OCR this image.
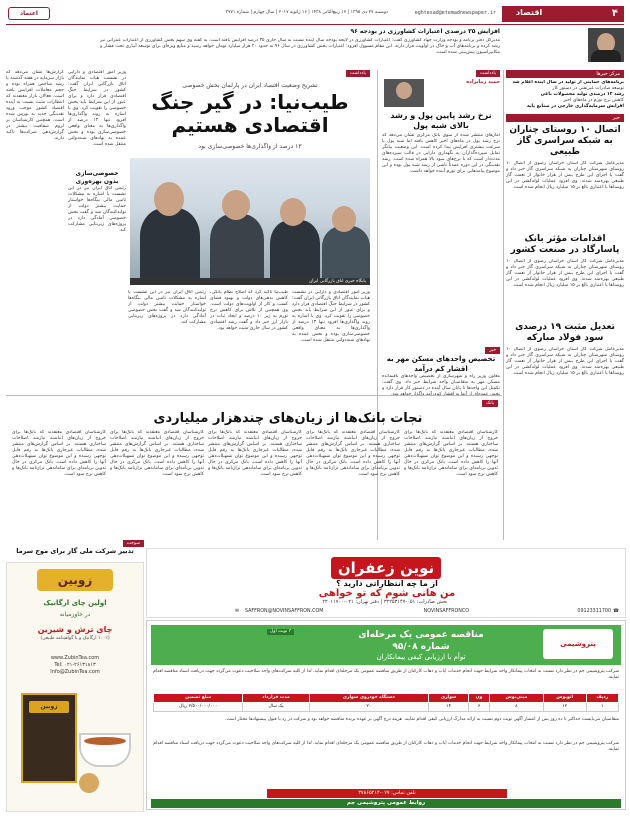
۴
اقتصاد
eghtesad@etemadnewspaper.ir
دوشنبه ۲۷ دی ۱۳۹۵ | ۱۷ ربیع‌الثانی ۱۴۳۸ | ۱۶ ژانویه ۲۰۱۷ | سال چهارم | شماره ۳۷۷۱
اعتماد
افزایش ۳۵ درصدی اعتبارات کشاورزی در بودجه ۹۶
مدیرکل دفتر برنامه و بودجه وزارت جهاد کشاورزی گفت: اعتبارات کشاورزی در لایحه بودجه سال آینده نسبت به سال جاری ۳۵ درصد افزایش یافته است. به گفته وی سهم بخش کشاورزی از اعتبارات عمرانی نیز رشد کرده و برنامه‌های آب و خاک در اولویت قرار دارند. این مقام مسوول افزود: اعتبارات بخش کشاورزی در سال ۹۶ به حدود ۲۰ هزار میلیارد تومان خواهد رسید و منابع ویژه‌ای برای توسعه آبیاری تحت فشار و مکانیزاسیون پیش‌بینی شده است.
مرکز خبرها
برنامه‌های حمایتی از تولید در سال آینده اعلام شد
توسعه صادرات غیرنفتی در دستور کار
رشد ۱۲ درصدی تولید محصولات باغی
کاهش نرخ تورم در ماه‌های اخیر
افزایش سرمایه‌گذاری خارجی در صنایع پایه
خبر
اتصال ۱۰ روستای چناران به شبکه سراسری گاز طبیعی
مدیرعامل شرکت گاز استان خراسان رضوی از اتصال ۱۰ روستای شهرستان چناران به شبکه سراسری گاز خبر داد و گفت با اجرای این طرح بیش از هزار خانوار از نعمت گاز طبیعی بهره‌مند شدند. وی افزود عملیات لوله‌کشی در این روستاها با اعتباری بالغ بر ۱۵ میلیارد ریال انجام شده است.
اقدامات مؤثر بانک پاسارگاد در صنعت کشور
مدیرعامل شرکت گاز استان خراسان رضوی از اتصال ۱۰ روستای شهرستان چناران به شبکه سراسری گاز خبر داد و گفت با اجرای این طرح بیش از هزار خانوار از نعمت گاز طبیعی بهره‌مند شدند. وی افزود عملیات لوله‌کشی در این روستاها با اعتباری بالغ بر ۱۵ میلیارد ریال انجام شده است.
تعدیل مثبت ۱۹ درصدی سود فولاد مبارکه
مدیرعامل شرکت گاز استان خراسان رضوی از اتصال ۱۰ روستای شهرستان چناران به شبکه سراسری گاز خبر داد و گفت با اجرای این طرح بیش از هزار خانوار از نعمت گاز طبیعی بهره‌مند شدند. وی افزود عملیات لوله‌کشی در این روستاها با اعتباری بالغ بر ۱۵ میلیارد ریال انجام شده است.
یادداشت
حمید زمانزاده
نرخ رشد پایین پول و رشد بالای شبه پول
آمارهای منتشر شده از سوی بانک مرکزی نشان می‌دهد که نرخ رشد پول در ماه‌های اخیر کاهش یافته اما شبه پول با سرعت بیشتری افزایش پیدا کرده است. این وضعیت بیانگر تمایل سپرده‌گذاران به نگهداری دارایی در قالب سپرده‌های مدت‌دار است که با نرخ‌های سود بالا همراه شده است. رشد نقدینگی در این دوره عمدتاً ناشی از رشد شبه پول بوده و این موضوع پیامدهایی برای تورم آینده خواهد داشت.
خبر
تخصیص واحدهای مسکن مهر به اقشار کم درآمد
معاون وزیر راه و شهرسازی از تخصیص واحدهای باقیمانده مسکن مهر به متقاضیان واجد شرایط خبر داد. وی گفت: تکمیل این واحدها تا پایان سال آینده در دستور کار قرار دارد و
یادداشت
تشریح وضعیت اقتصاد ایران در پارلمان بخش خصوصی
طیب‌نیا: در گیر جنگ اقتصادی هستیم
۱۳ درصد از واگذاری‌ها خصوصی‌سازی بود
پایگاه خبری اتاق بازرگانی ایران
خصوصی‌سازی بدون بهره‌وری
رئیس اتاق ایران نیز در این نشست با اشاره به مشکلات تامین مالی بنگاه‌ها خواستار حمایت بیشتر دولت از تولیدکنندگان شد و گفت بخش خصوصی آمادگی دارد در پروژه‌های زیربنایی مشارکت کند.
گزارش‌ها نشان می‌دهد که بازار سرمایه در هفته گذشته با رشد شاخص همراه بوده و حجم معاملات افزایش یافته است. فعالان بازار معتقدند که انتظارات مثبت نسبت به آینده اقتصاد کشور موجب ورود نقدینگی جدید به بورس شده است. همچنین کارشناسان بر لزوم شفافیت بیشتر در گزارش‌دهی شرکت‌ها تاکید دارند.
وزیر امور اقتصادی و دارایی در نشست هیات نمایندگان اتاق بازرگانی ایران گفت: کشور در شرایط جنگ اقتصادی قرار دارد و برای عبور از این شرایط باید بخش خصوصی را تقویت کرد. وی با اشاره به روند واگذاری‌ها افزود تنها ۱۳ درصد از واگذاری‌ها به معنای واقعی خصوصی‌سازی بوده و بخش عمده به نهادهای شبه‌دولتی منتقل شده است.
وزیر امور اقتصادی و دارایی در نشست هیات نمایندگان اتاق بازرگانی ایران گفت: کشور در شرایط جنگ اقتصادی قرار دارد و برای عبور از این شرایط باید بخش خصوصی را تقویت کرد. وی با اشاره به روند واگذاری‌ها افزود تنها ۱۳ درصد از واگذاری‌ها به معنای واقعی خصوصی‌سازی بوده و بخش عمده به نهادهای شبه‌دولتی منتقل شده است.
طیب‌نیا تاکید کرد که اصلاح نظام بانکی، کاهش بدهی‌های دولت و بهبود فضای کسب و کار از اولویت‌های دولت است. وی همچنین از تلاش برای کاهش نرخ تورم به زیر ۱۰ درصد و ایجاد ثبات در بازار ارز خبر داد و گفت رشد اقتصادی کشور در سال جاری مثبت خواهد بود.
رئیس اتاق ایران نیز در این نشست با اشاره به مشکلات تامین مالی بنگاه‌ها خواستار حمایت بیشتر دولت از تولیدکنندگان شد و گفت بخش خصوصی آمادگی دارد در پروژه‌های زیربنایی مشارکت کند.
بانک
نجات بانک‌ها از زیان‌های چندهزار میلیاردی
کارشناسان اقتصادی معتقدند که بانک‌ها برای خروج از زیان‌های انباشته نیازمند اصلاحات ساختاری هستند. بر اساس گزارش‌های منتشر شده، مطالبات غیرجاری بانک‌ها به رقم قابل توجهی رسیده و این موضوع توان تسهیلات‌دهی آنها را کاهش داده است. بانک مرکزی در حال تدوین برنامه‌ای برای ساماندهی ترازنامه بانک‌ها و کاهش نرخ سود است.
کارشناسان اقتصادی معتقدند که بانک‌ها برای خروج از زیان‌های انباشته نیازمند اصلاحات ساختاری هستند. بر اساس گزارش‌های منتشر شده، مطالبات غیرجاری بانک‌ها به رقم قابل توجهی رسیده و این موضوع توان تسهیلات‌دهی آنها را کاهش داده است. بانک مرکزی در حال تدوین برنامه‌ای برای ساماندهی ترازنامه بانک‌ها و کاهش نرخ سود است.
کارشناسان اقتصادی معتقدند که بانک‌ها برای خروج از زیان‌های انباشته نیازمند اصلاحات ساختاری هستند. بر اساس گزارش‌های منتشر شده، مطالبات غیرجاری بانک‌ها به رقم قابل توجهی رسیده و این موضوع توان تسهیلات‌دهی آنها را کاهش داده است. بانک مرکزی در حال تدوین برنامه‌ای برای ساماندهی ترازنامه بانک‌ها و کاهش نرخ سود است.
کارشناسان اقتصادی معتقدند که بانک‌ها برای خروج از زیان‌های انباشته نیازمند اصلاحات ساختاری هستند. بر اساس گزارش‌های منتشر شده، مطالبات غیرجاری بانک‌ها به رقم قابل توجهی رسیده و این موضوع توان تسهیلات‌دهی آنها را کاهش داده است. بانک مرکزی در حال تدوین برنامه‌ای برای ساماندهی ترازنامه بانک‌ها و کاهش نرخ سود است.
کارشناسان اقتصادی معتقدند که بانک‌ها برای خروج از زیان‌های انباشته نیازمند اصلاحات ساختاری هستند. بر اساس گزارش‌های منتشر شده، مطالبات غیرجاری بانک‌ها به رقم قابل توجهی رسیده و این موضوع توان تسهیلات‌دهی آنها را کاهش داده است. بانک مرکزی در حال تدوین برنامه‌ای برای ساماندهی ترازنامه بانک‌ها و کاهش نرخ سود است.
سوخت
تدبیر شرکت ملی گاز برای موج سرما
نوین زعفران
از ما چه انتظاراتی دارید ؟
من هانی شوم که تو خواهی
بخش صادرات: ۰۵۱-۳۲۲۵۳۱۴۷ | دفتر تهران: ۰۲۱-۲۲۰۱۱۷۰۰
☎
09123311700
NOVINSAFFRONCO
SAFFRON@NOVINSAFFRON.COM
✉
مناقصه عمومی یک مرحله‌ای
شماره ۹۵/۰۸
توأم با ارزیابی کیفی پیمانکاران
۳ نوبت اول
پتروشیمی
شرکت پتروشیمی جم در نظر دارد نسبت به انتخاب پیمانکار واجد شرایط جهت انجام خدمات ایاب و ذهاب کارکنان از طریق مناقصه عمومی یک مرحله‌ای اقدام نماید. لذا از کلیه شرکت‌های واجد صلاحیت دعوت می‌گردد جهت دریافت اسناد مناقصه اقدام نمایند.
ردیف	اتوبوس	مینی‌بوس	ون	سواری	دستگاه خودروی سواری	مدت قرارداد	مبلغ تضمین
۱	۱۲	۸	۶	۱۴	۲۰	یک سال	۲/۵۰۰/۰۰۰/۰۰۰ ریال
متقاضیان می‌بایست حداکثر تا ده روز پس از انتشار آگهی نوبت دوم نسبت به ارائه مدارک ارزیابی کیفی اقدام نمایند. هزینه درج آگهی بر عهده برنده مناقصه خواهد بود و شرکت در رد یا قبول پیشنهادها مختار است.
شرکت پتروشیمی جم در نظر دارد نسبت به انتخاب پیمانکار واجد شرایط جهت انجام خدمات ایاب و ذهاب کارکنان از طریق مناقصه عمومی یک مرحله‌ای اقدام نماید. لذا از کلیه شرکت‌های واجد صلاحیت دعوت می‌گردد جهت دریافت اسناد مناقصه اقدام نمایند.
تلفن تماس: ۰۷۷-۳۷۸۶۵۲۱۴
روابط عمومی پتروشیمی جم
زوبین
اولین چای ارگانیک
در خاورمیانه
چای ترش و شیرین
(۱۰۰٪ ارگانیک و با گواهینامه طبیعی)
www.ZubinTea.com
Tel: ۰۲۱-۲۶۱۳۱۸۱۳
Info@ZubinTea.com
زوبین
